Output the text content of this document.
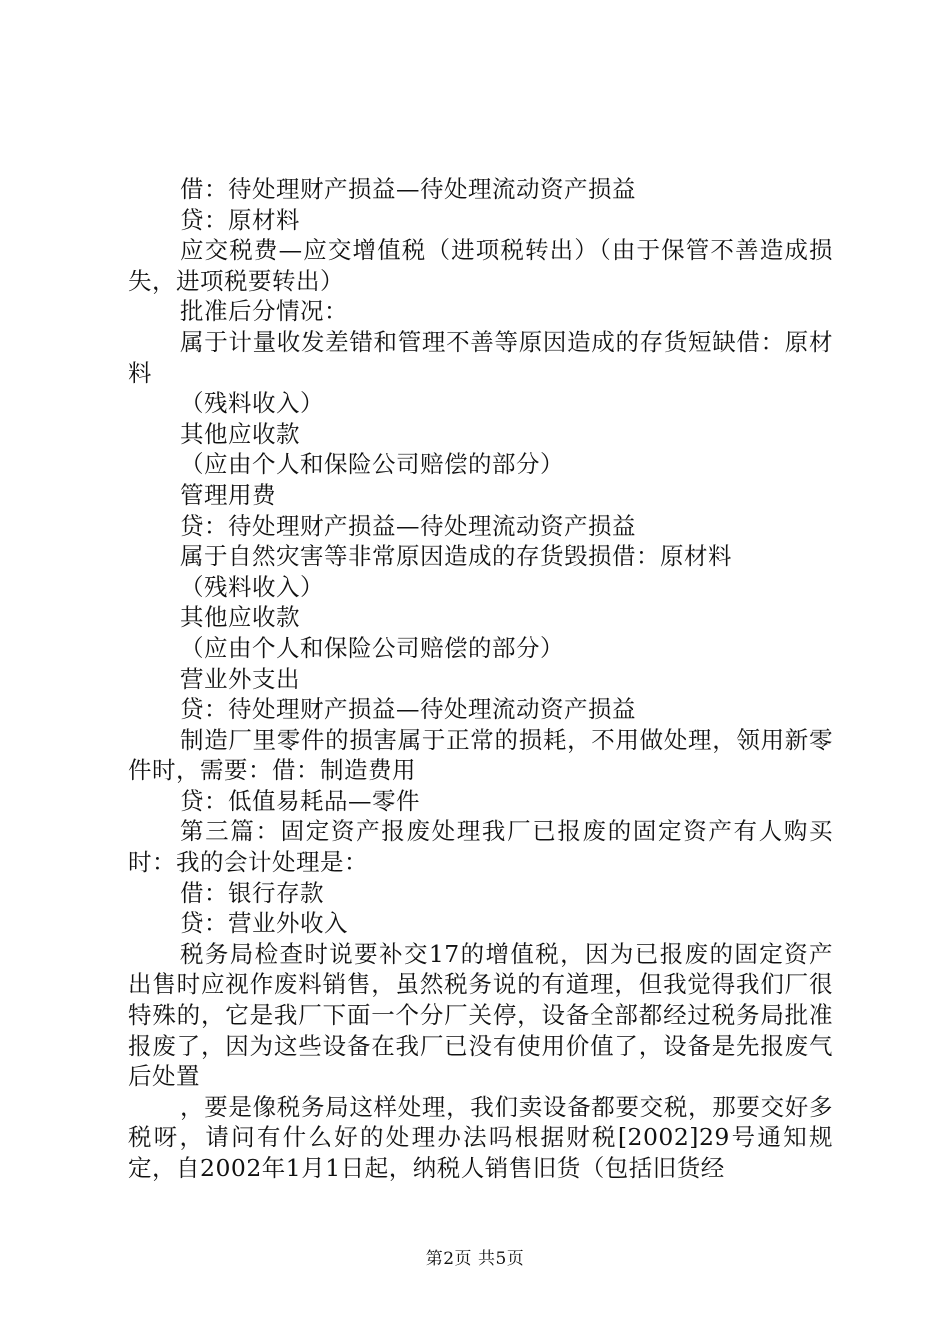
借：待处理财产损益—待处理流动资产损益
贷：原材料
应交税费—应交增值税（进项税转出）（由于保管不善造成损失，进项税要转出）
批准后分情况：
属于计量收发差错和管理不善等原因造成的存货短缺借：原材料
（残料收入）
其他应收款
（应由个人和保险公司赔偿的部分）
管理用费
贷：待处理财产损益—待处理流动资产损益
属于自然灾害等非常原因造成的存货毁损借：原材料
（残料收入）
其他应收款
（应由个人和保险公司赔偿的部分）
营业外支出
贷：待处理财产损益—待处理流动资产损益
制造厂里零件的损害属于正常的损耗，不用做处理，领用新零件时，需要：借：制造费用
贷：低值易耗品—零件
第三篇：固定资产报废处理我厂已报废的固定资产有人购买时：我的会计处理是：
借：银行存款
贷：营业外收入
税务局检查时说要补交17的增值税，因为已报废的固定资产出售时应视作废料销售，虽然税务说的有道理，但我觉得我们厂很特殊的，它是我厂下面一个分厂关停，设备全部都经过税务局批准报废了，因为这些设备在我厂已没有使用价值了，设备是先报废气后处置
，要是像税务局这样处理，我们卖设备都要交税，那要交好多税呀，请问有什么好的处理办法吗根据财税[2002]29号通知规定，自2002年1月1日起，纳税人销售旧货（包括旧货经
第2页 共5页
